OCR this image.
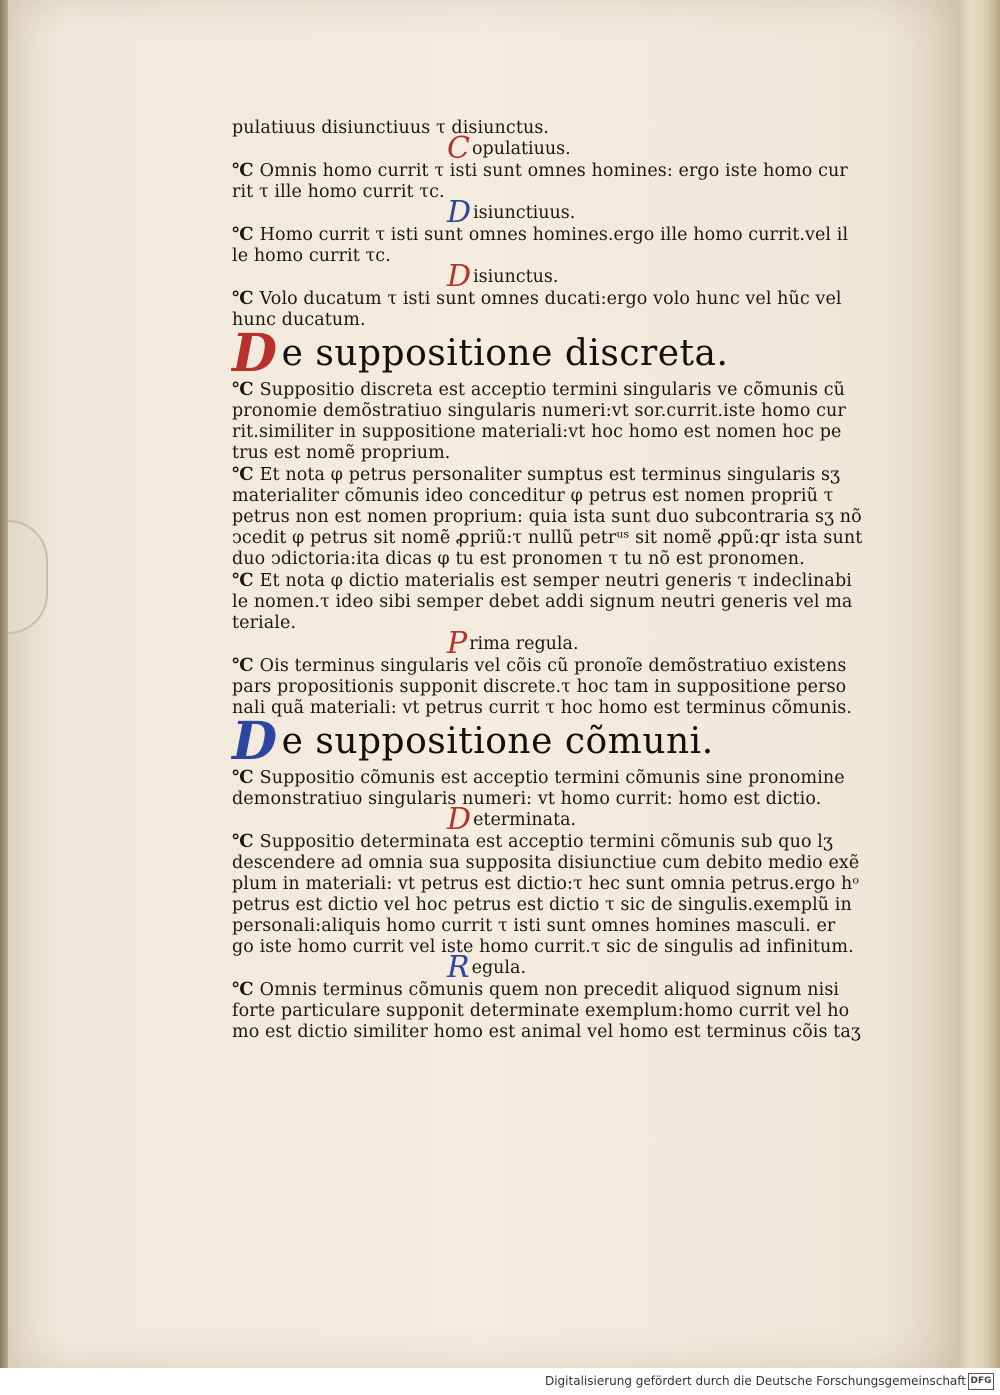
pulatiuus disiunctiuus τ disiunctus.
Copulatiuus.
℃ Omnis homo currit τ isti sunt omnes homines: ergo iste homo cur
rit τ ille homo currit τc.
Disiunctiuus.
℃ Homo currit τ isti sunt omnes homines.ergo ille homo currit.vel il
le homo currit τc.
Disiunctus.
℃ Volo ducatum τ isti sunt omnes ducati:ergo volo hunc vel hũc vel
hunc ducatum.
D e suppositione discreta.
℃ Suppositio discreta est acceptio termini singularis ve cõmunis cũ
pronomie demõstratiuo singularis numeri:vt sor.currit.iste homo cur
rit.similiter in suppositione materiali:vt hoc homo est nomen hoc pe
trus est nomẽ proprium.
℃ Et nota φ petrus personaliter sumptus est terminus singularis sʒ
materialiter cõmunis ideo conceditur φ petrus est nomen propriũ τ
petrus non est nomen proprium: quia ista sunt duo subcontraria sʒ nõ
ↄcedit φ petrus sit nomẽ ꝓpriũ:τ nullũ petrᵘˢ sit nomẽ ꝓpũ:qr ista sunt
duo ↄdictoria:ita dicas φ tu est pronomen τ tu nõ est pronomen.
℃ Et nota φ dictio materialis est semper neutri generis τ indeclinabi
le nomen.τ ideo sibi semper debet addi signum neutri generis vel ma
teriale.
Prima regula.
℃ Ois terminus singularis vel cõis cũ pronoĩe demõstratiuo existens
pars propositionis supponit discrete.τ hoc tam in suppositione perso
nali quã materiali: vt petrus currit τ hoc homo est terminus cõmunis.
D e suppositione cõmuni.
℃ Suppositio cõmunis est acceptio termini cõmunis sine pronomine
demonstratiuo singularis numeri: vt homo currit: homo est dictio.
Determinata.
℃ Suppositio determinata est acceptio termini cõmunis sub quo lʒ
descendere ad omnia sua supposita disiunctiue cum debito medio exẽ
plum in materiali: vt petrus est dictio:τ hec sunt omnia petrus.ergo hᵒ
petrus est dictio vel hoc petrus est dictio τ sic de singulis.exemplũ in
personali:aliquis homo currit τ isti sunt omnes homines masculi. er
go iste homo currit vel iste homo currit.τ sic de singulis ad infinitum.
Regula.
℃ Omnis terminus cõmunis quem non precedit aliquod signum nisi
forte particulare supponit determinate exemplum:homo currit vel ho
mo est dictio similiter homo est animal vel homo est terminus cõis taʒ
Digitalisierung gefördert durch die Deutsche Forschungsgemeinschaft DFG
